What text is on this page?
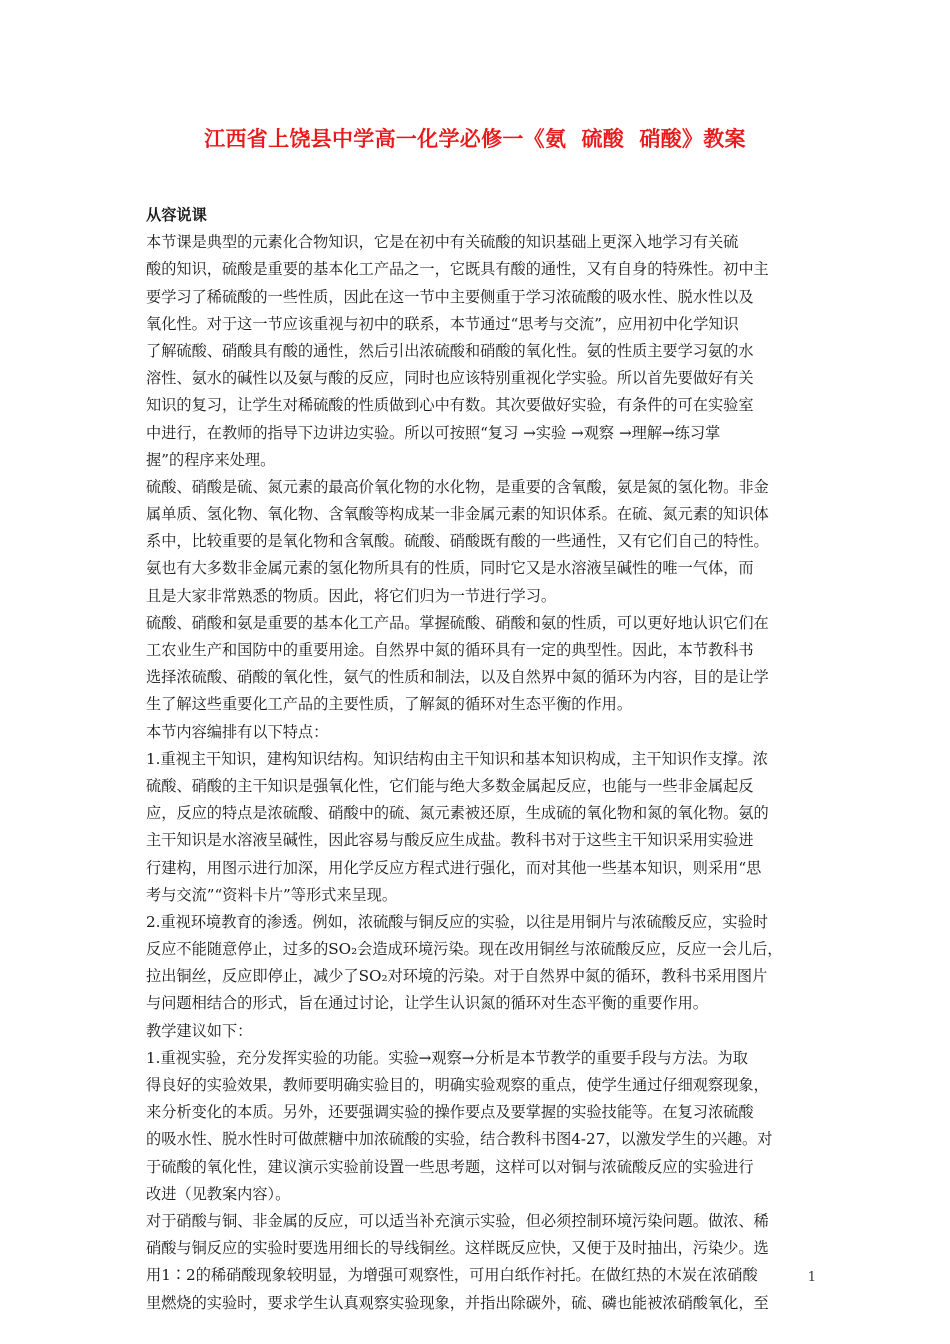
江西省上饶县中学高一化学必修一《氨  硫酸  硝酸》教案
从容说课
本节课是典型的元素化合物知识，它是在初中有关硫酸的知识基础上更深入地学习有关硫
酸的知识，硫酸是重要的基本化工产品之一，它既具有酸的通性，又有自身的特殊性。初中主
要学习了稀硫酸的一些性质，因此在这一节中主要侧重于学习浓硫酸的吸水性、脱水性以及
氧化性。对于这一节应该重视与初中的联系，本节通过“思考与交流”，应用初中化学知识
了解硫酸、硝酸具有酸的通性，然后引出浓硫酸和硝酸的氧化性。氨的性质主要学习氨的水
溶性、氨水的碱性以及氨与酸的反应，同时也应该特别重视化学实验。所以首先要做好有关
知识的复习，让学生对稀硫酸的性质做到心中有数。其次要做好实验，有条件的可在实验室
中进行，在教师的指导下边讲边实验。所以可按照“复习 →实验 →观察 →理解→练习掌
握”的程序来处理。
硫酸、硝酸是硫、氮元素的最高价氧化物的水化物，是重要的含氧酸，氨是氮的氢化物。非金
属单质、氢化物、氧化物、含氧酸等构成某一非金属元素的知识体系。在硫、氮元素的知识体
系中，比较重要的是氧化物和含氧酸。硫酸、硝酸既有酸的一些通性，又有它们自己的特性。
氨也有大多数非金属元素的氢化物所具有的性质，同时它又是水溶液呈碱性的唯一气体，而
且是大家非常熟悉的物质。因此，将它们归为一节进行学习。
硫酸、硝酸和氨是重要的基本化工产品。掌握硫酸、硝酸和氨的性质，可以更好地认识它们在
工农业生产和国防中的重要用途。自然界中氮的循环具有一定的典型性。因此，本节教科书
选择浓硫酸、硝酸的氧化性，氨气的性质和制法，以及自然界中氮的循环为内容，目的是让学
生了解这些重要化工产品的主要性质，了解氮的循环对生态平衡的作用。
本节内容编排有以下特点：
1.重视主干知识，建构知识结构。知识结构由主干知识和基本知识构成，主干知识作支撑。浓
硫酸、硝酸的主干知识是强氧化性，它们能与绝大多数金属起反应，也能与一些非金属起反
应，反应的特点是浓硫酸、硝酸中的硫、氮元素被还原，生成硫的氧化物和氮的氧化物。氨的
主干知识是水溶液呈碱性，因此容易与酸反应生成盐。教科书对于这些主干知识采用实验进
行建构，用图示进行加深，用化学反应方程式进行强化，而对其他一些基本知识，则采用“思
考与交流”“资料卡片”等形式来呈现。
2.重视环境教育的渗透。例如，浓硫酸与铜反应的实验，以往是用铜片与浓硫酸反应，实验时
反应不能随意停止，过多的SO₂会造成环境污染。现在改用铜丝与浓硫酸反应，反应一会儿后，
拉出铜丝，反应即停止，减少了SO₂对环境的污染。对于自然界中氮的循环，教科书采用图片
与问题相结合的形式，旨在通过讨论，让学生认识氮的循环对生态平衡的重要作用。
教学建议如下：
1.重视实验，充分发挥实验的功能。实验→观察→分析是本节教学的重要手段与方法。为取
得良好的实验效果，教师要明确实验目的，明确实验观察的重点，使学生通过仔细观察现象，
来分析变化的本质。另外，还要强调实验的操作要点及要掌握的实验技能等。在复习浓硫酸
的吸水性、脱水性时可做蔗糖中加浓硫酸的实验，结合教科书图4-27，以激发学生的兴趣。对
于硫酸的氧化性，建议演示实验前设置一些思考题，这样可以对铜与浓硫酸反应的实验进行
改进（见教案内容）。
对于硝酸与铜、非金属的反应，可以适当补充演示实验，但必须控制环境污染问题。做浓、稀
硝酸与铜反应的实验时要选用细长的导线铜丝。这样既反应快，又便于及时抽出，污染少。选
用1∶2的稀硝酸现象较明显，为增强可观察性，可用白纸作衬托。在做红热的木炭在浓硝酸
里燃烧的实验时，要求学生认真观察实验现象，并指出除碳外，硫、磷也能被浓硝酸氧化，至
1
